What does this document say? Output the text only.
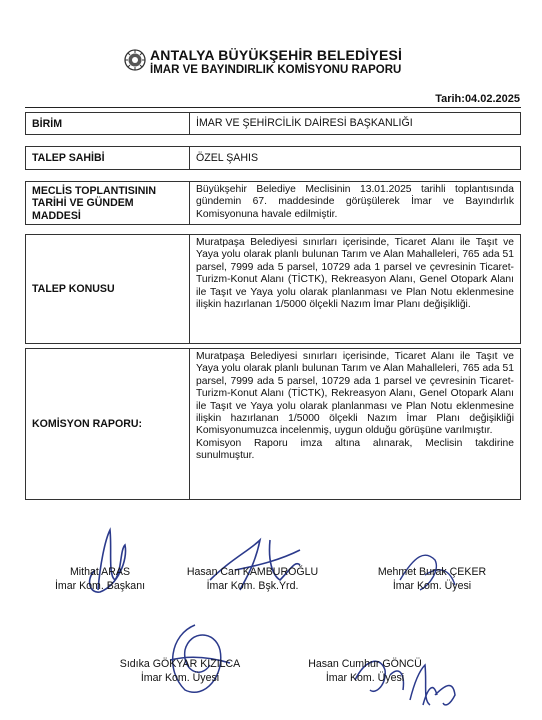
ANTALYA BÜYÜKŞEHİR BELEDİYESİ
İMAR VE BAYINDIRLIK KOMİSYONU RAPORU
Tarih:04.02.2025
BİRİM	İMAR VE ŞEHİRCİLİK DAİRESİ BAŞKANLIĞI
TALEP SAHİBİ	ÖZEL ŞAHIS
MECLİS TOPLANTISININ TARİHİ VE GÜNDEM MADDESİ
Büyükşehir Belediye Meclisinin 13.01.2025 tarihli toplantısında gündemin 67. maddesinde görüşülerek İmar ve Bayındırlık Komisyonuna havale edilmiştir.
TALEP KONUSU
Muratpaşa Belediyesi sınırları içerisinde, Ticaret Alanı ile Taşıt ve Yaya yolu olarak planlı bulunan Tarım ve Alan Mahalleleri, 765 ada 51 parsel, 7999 ada 5 parsel, 10729 ada 1 parsel ve çevresinin Ticaret-Turizm-Konut Alanı (TİCTK), Rekreasyon Alanı, Genel Otopark Alanı ile Taşıt ve Yaya yolu olarak planlanması ve Plan Notu eklenmesine ilişkin hazırlanan 1/5000 ölçekli Nazım İmar Planı değişikliği.
KOMİSYON RAPORU:
Muratpaşa Belediyesi sınırları içerisinde, Ticaret Alanı ile Taşıt ve Yaya yolu olarak planlı bulunan Tarım ve Alan Mahalleleri, 765 ada 51 parsel, 7999 ada 5 parsel, 10729 ada 1 parsel ve çevresinin Ticaret-Turizm-Konut Alanı (TİCTK), Rekreasyon Alanı, Genel Otopark Alanı ile Taşıt ve Yaya yolu olarak planlanması ve Plan Notu eklenmesine ilişkin hazırlanan 1/5000 ölçekli Nazım İmar Planı değişikliği Komisyonumuzca incelenmiş, uygun olduğu görüşüne varılmıştır.
Komisyon Raporu imza altına alınarak, Meclisin takdirine sunulmuştur.
Mithat ARAS
İmar Kom. Başkanı
Hasan Can KAMBUROĞLU
İmar Kom. Bşk.Yrd.
Mehmet Burak ÇEKER
İmar Kom. Üyesi
Sıdıka GÖKYAR KIZILCA
İmar Kom. Üyesi
Hasan Cumhur GÖNCÜ
İmar Kom. Üyesi
